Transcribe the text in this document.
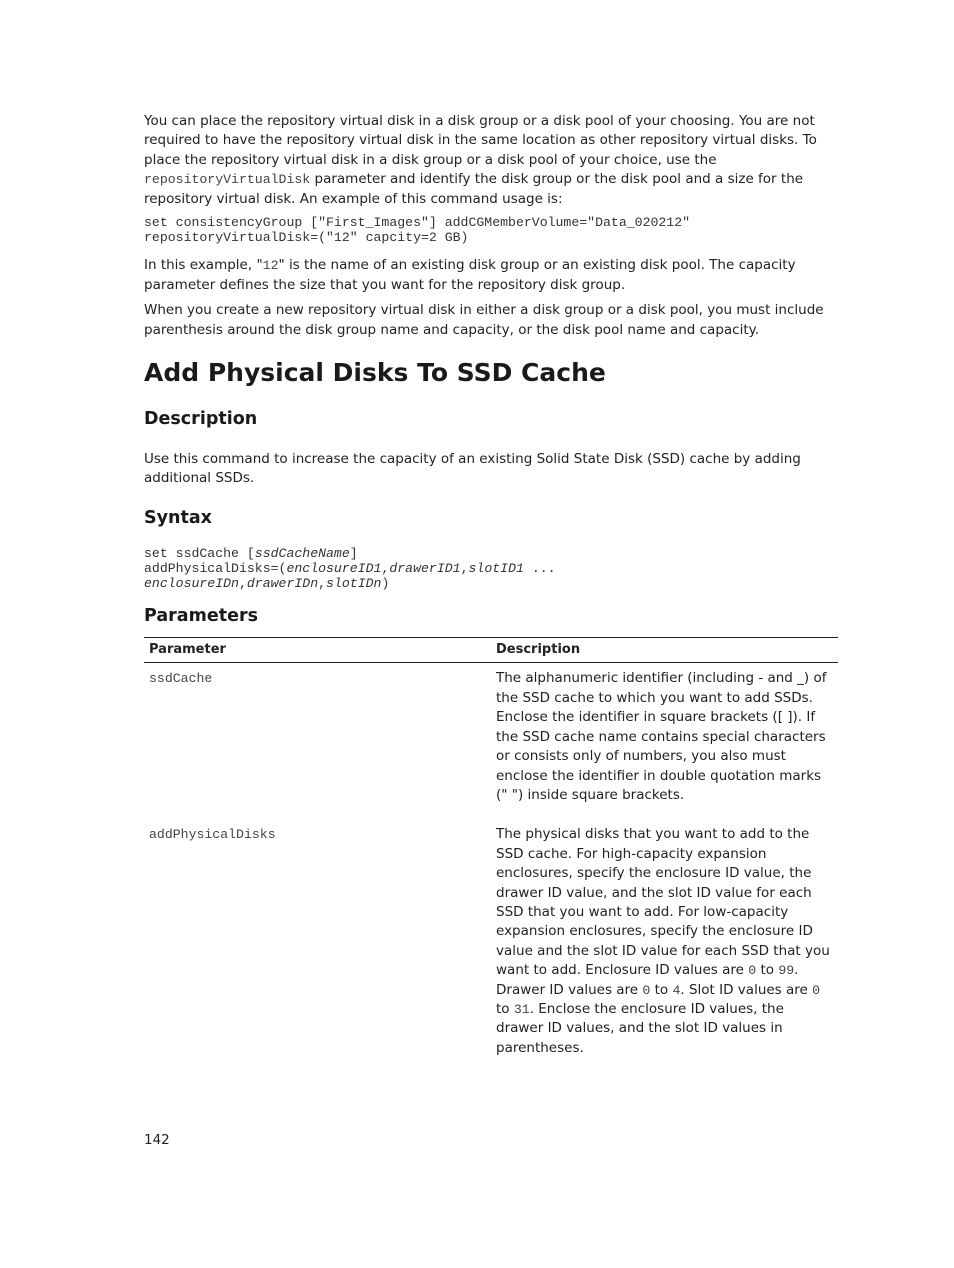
You can place the repository virtual disk in a disk group or a disk pool of your choosing. You are not required to have the repository virtual disk in the same location as other repository virtual disks. To place the repository virtual disk in a disk group or a disk pool of your choice, use the repositoryVirtualDisk parameter and identify the disk group or the disk pool and a size for the repository virtual disk. An example of this command usage is:

set consistencyGroup ["First_Images"] addCGMemberVolume="Data_020212"
repositoryVirtualDisk=("12" capcity=2 GB)

In this example, "12" is the name of an existing disk group or an existing disk pool. The capacity parameter defines the size that you want for the repository disk group.

When you create a new repository virtual disk in either a disk group or a disk pool, you must include parenthesis around the disk group name and capacity, or the disk pool name and capacity.

Add Physical Disks To SSD Cache
Description

Use this command to increase the capacity of an existing Solid State Disk (SSD) cache by adding additional SSDs.

Syntax
set ssdCache [ssdCacheName]
addPhysicalDisks=(enclosureID1,drawerID1,slotID1 ...
enclosureIDn,drawerIDn,slotIDn)
Parameters
Parameter	Description
ssdCache	The alphanumeric identifier (including - and _) of the SSD cache to which you want to add SSDs. Enclose the identifier in square brackets ([ ]). If the SSD cache name contains special characters or consists only of numbers, you also must enclose the identifier in double quotation marks (" ") inside square brackets.
addPhysicalDisks	The physical disks that you want to add to the SSD cache. For high-capacity expansion enclosures, specify the enclosure ID value, the drawer ID value, and the slot ID value for each SSD that you want to add. For low-capacity expansion enclosures, specify the enclosure ID value and the slot ID value for each SSD that you want to add. Enclosure ID values are 0 to 99. Drawer ID values are 0 to 4. Slot ID values are 0 to 31. Enclose the enclosure ID values, the drawer ID values, and the slot ID values in parentheses.
142
